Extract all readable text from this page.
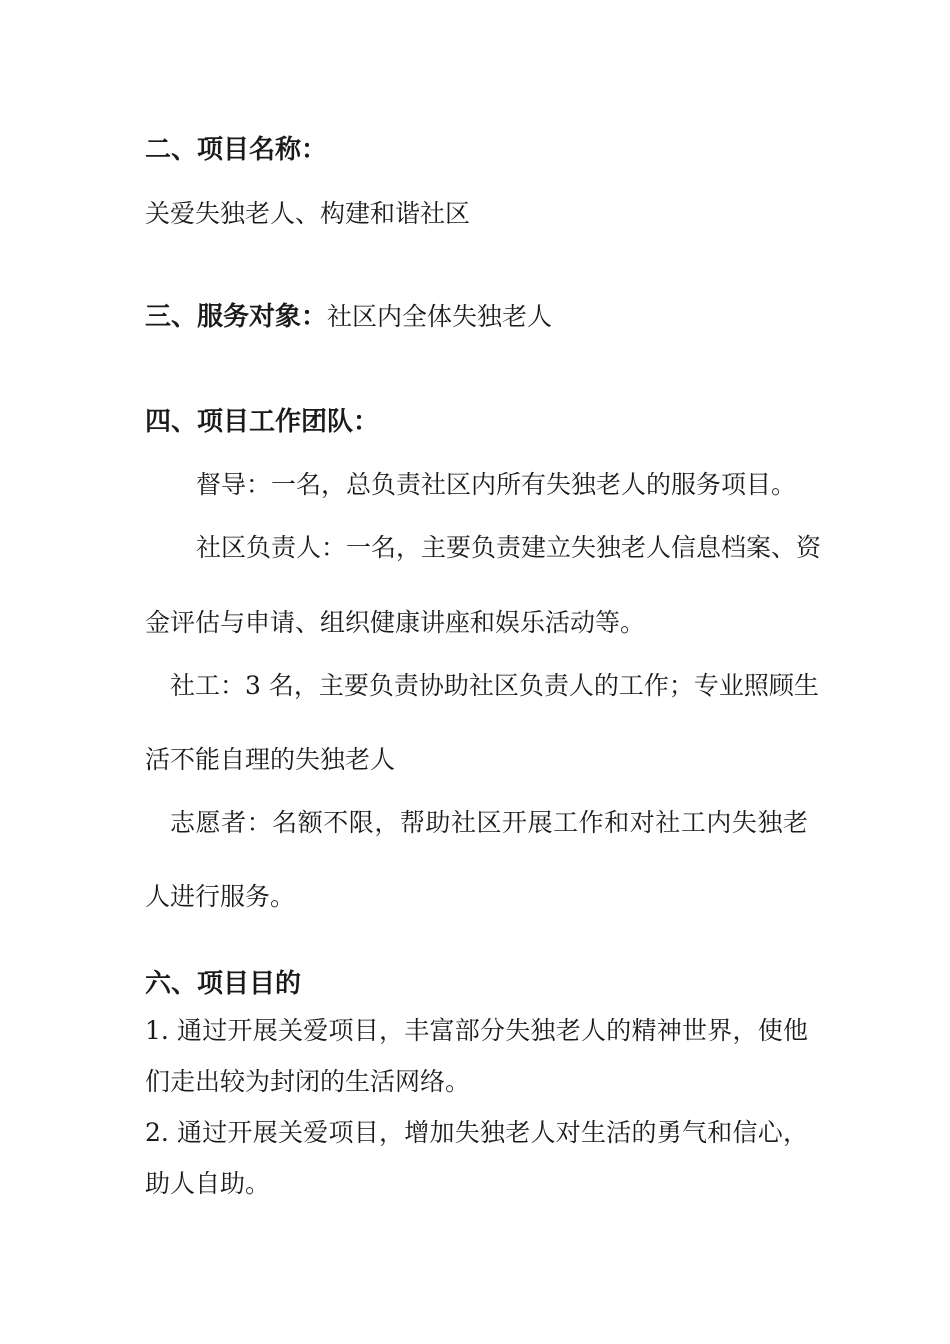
二、项目名称：
关爱失独老人、构建和谐社区
三、服务对象：社区内全体失独老人
四、项目工作团队：
督导：一名，总负责社区内所有失独老人的服务项目。
社区负责人：一名，主要负责建立失独老人信息档案、资
金评估与申请、组织健康讲座和娱乐活动等。
社工：3 名，主要负责协助社区负责人的工作；专业照顾生
活不能自理的失独老人
志愿者：名额不限，帮助社区开展工作和对社工内失独老
人进行服务。
六、项目目的
1. 通过开展关爱项目，丰富部分失独老人的精神世界，使他
们走出较为封闭的生活网络。
2. 通过开展关爱项目，增加失独老人对生活的勇气和信心，
助人自助。
